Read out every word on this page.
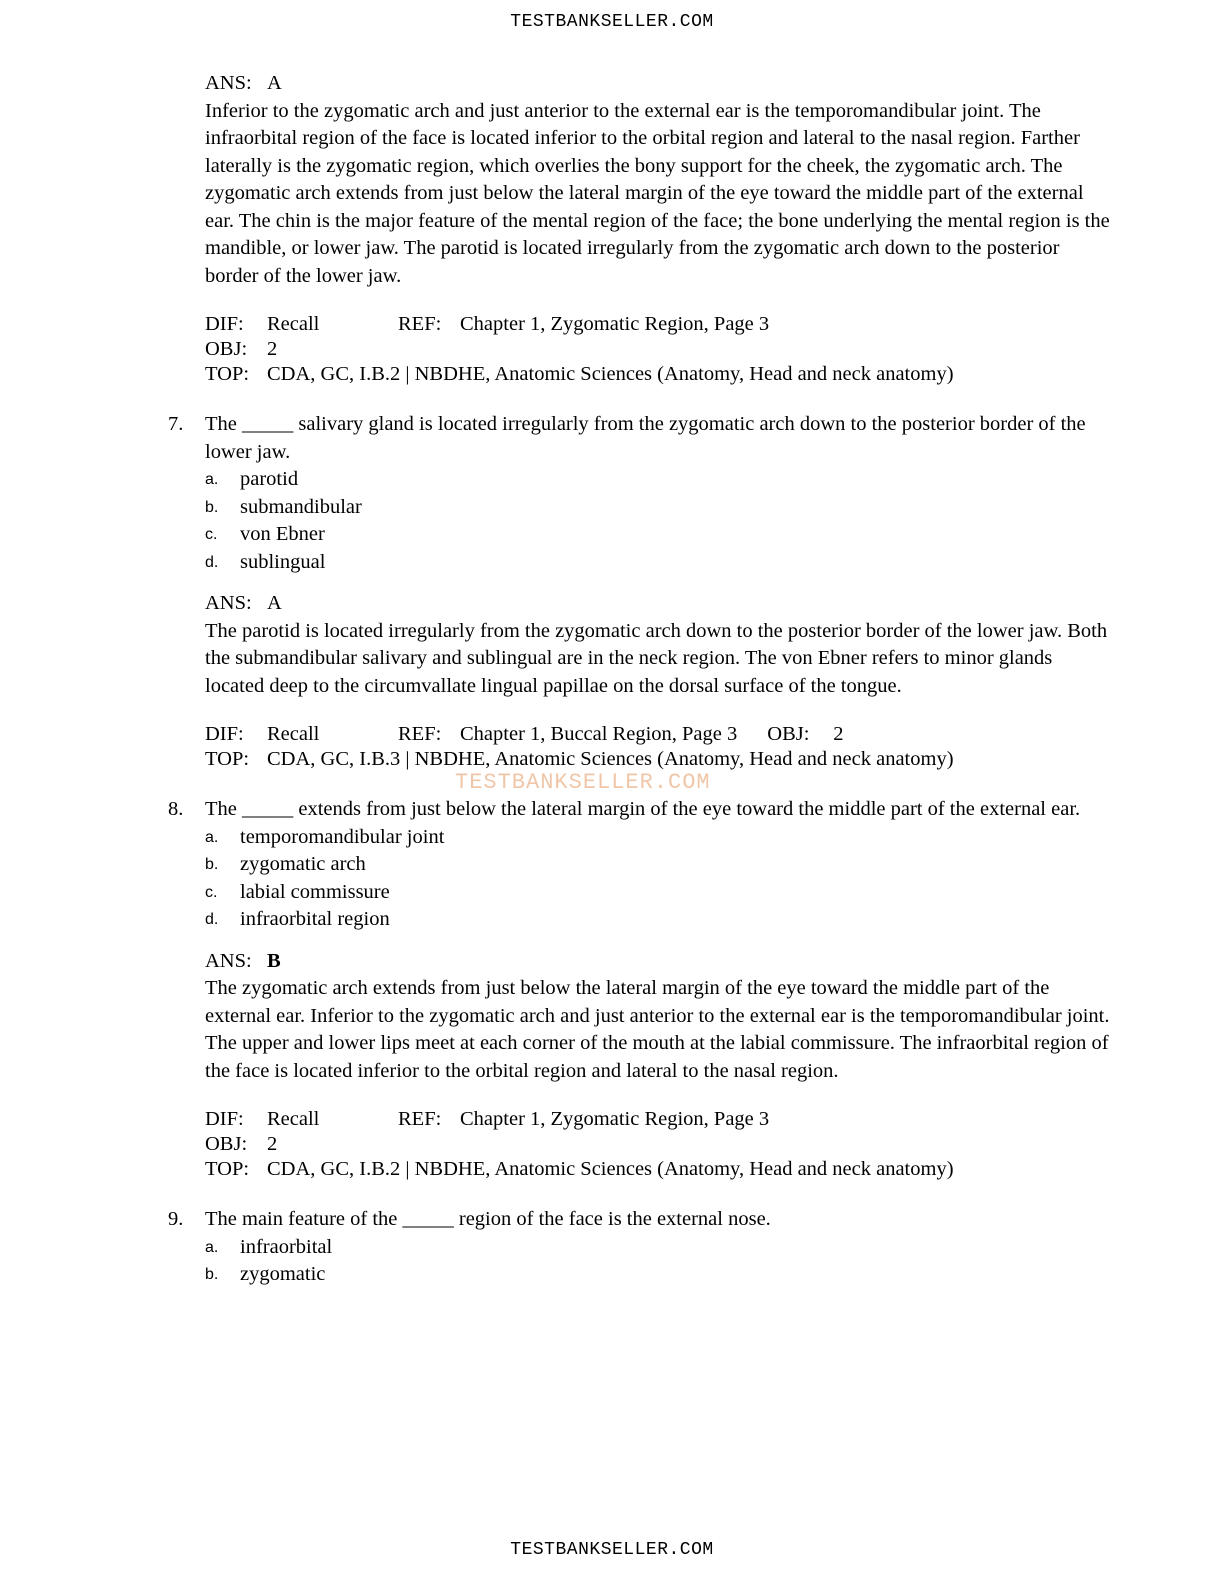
TESTBANKSELLER.COM
TESTBANKSELLER.COM

ANS: A

Inferior to the zygomatic arch and just anterior to the external ear is the temporomandibular joint. The infraorbital region of the face is located inferior to the orbital region and lateral to the nasal region. Farther laterally is the zygomatic region, which overlies the bony support for the cheek, the zygomatic arch. The zygomatic arch extends from just below the lateral margin of the eye toward the middle part of the external ear. The chin is the major feature of the mental region of the face; the bone underlying the mental region is the mandible, or lower jaw. The parotid is located irregularly from the zygomatic arch down to the posterior border of the lower jaw.

DIF:	Recall	REF: Chapter 1, Zygomatic Region, Page 3
OBJ: 2
TOP: CDA, GC, I.B.2 | NBDHE, Anatomic Sciences (Anatomy, Head and neck anatomy)
7. The _____ salivary gland is located irregularly from the zygomatic arch down to the posterior border of the lower jaw.

a.	parotid
b.	submandibular
c.	von Ebner
d.	sublingual

ANS: A

The parotid is located irregularly from the zygomatic arch down to the posterior border of the lower jaw. Both the submandibular salivary and sublingual are in the neck region. The von Ebner refers to minor glands located deep to the circumvallate lingual papillae on the dorsal surface of the tongue.

DIF:	Recall	REF: Chapter 1, Buccal Region, Page 3 OBJ:	2
TOP: CDA, GC, I.B.3 | NBDHE, Anatomic Sciences (Anatomy, Head and neck anatomy)
8. The _____ extends from just below the lateral margin of the eye toward the middle part of the external ear.

a.	temporomandibular joint
b.	zygomatic arch
c.	labial commissure
d.	infraorbital region

ANS: B

The zygomatic arch extends from just below the lateral margin of the eye toward the middle part of the external ear. Inferior to the zygomatic arch and just anterior to the external ear is the temporomandibular joint. The upper and lower lips meet at each corner of the mouth at the labial commissure. The infraorbital region of the face is located inferior to the orbital region and lateral to the nasal region.

DIF:	Recall	REF: Chapter 1, Zygomatic Region, Page 3
OBJ: 2
TOP: CDA, GC, I.B.2 | NBDHE, Anatomic Sciences (Anatomy, Head and neck anatomy)
9. The main feature of the _____ region of the face is the external nose.

a.	infraorbital
b.	zygomatic
TESTBANKSELLER.COM
